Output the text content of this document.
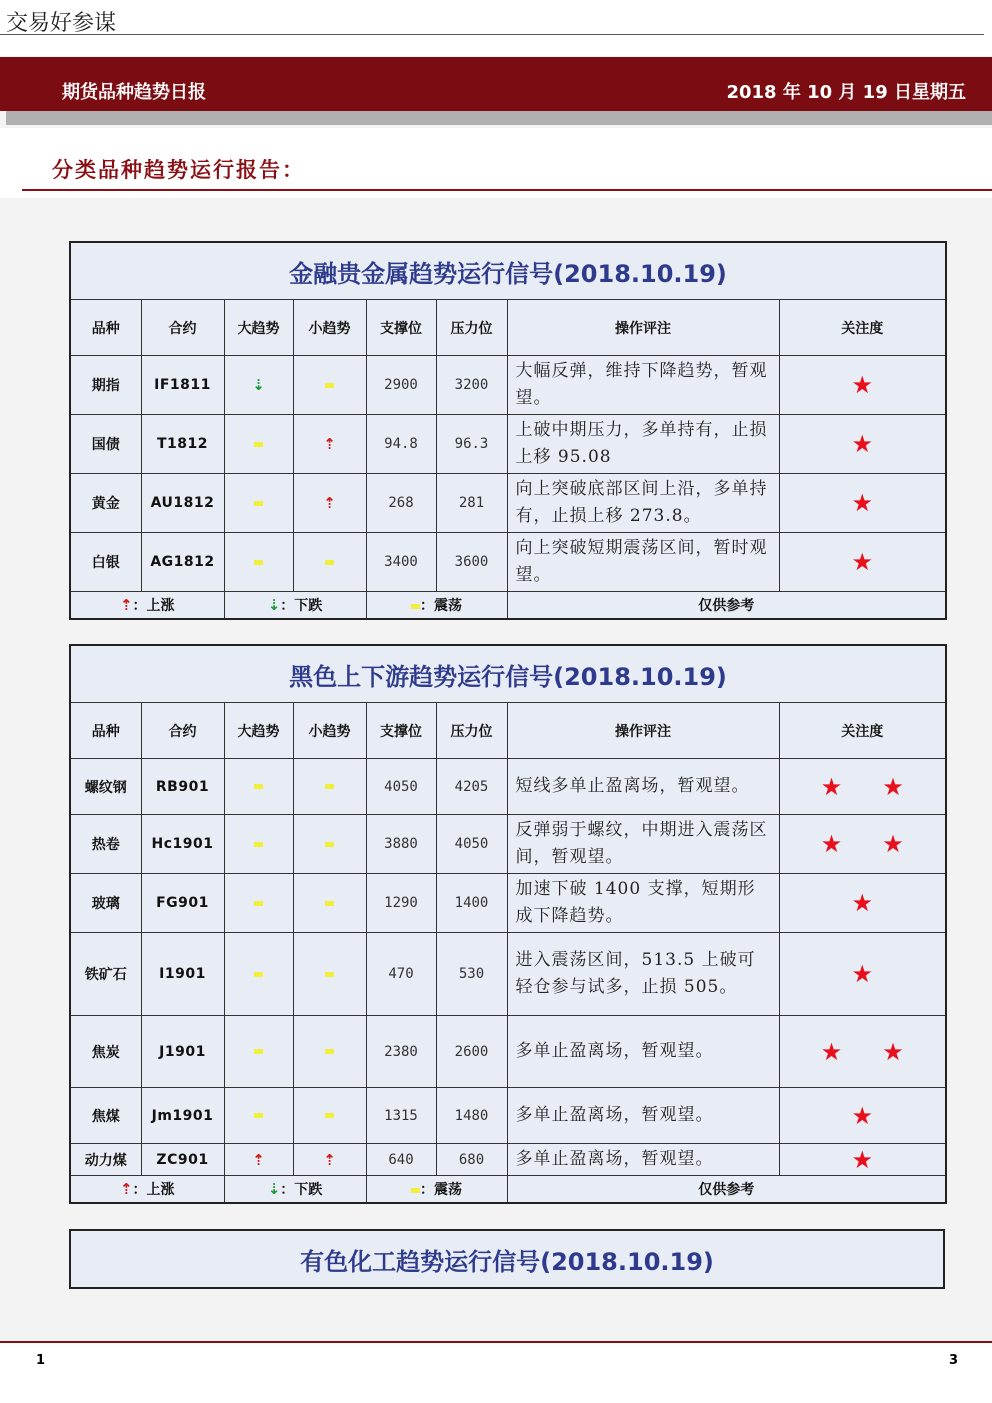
交易好参谋
期货品种趋势日报	2018 年 10 月 19 日星期五
分类品种趋势运行报告：
金融贵金属趋势运行信号(2018.10.19)							
品种	合约	大趋势	小趋势	支撑位	压力位	操作评注	关注度
期指	IF1811	⇣		2900	3200	大幅反弹，维持下降趋势，暂观望。	★
国债	T1812		⇡	94.8	96.3	上破中期压力，多单持有，止损上移 95.08	★
黄金	AU1812		⇡	268	281	向上突破底部区间上沿，多单持有，止损上移 273.8。	★
白银	AG1812			3400	3600	向上突破短期震荡区间，暂时观望。	★
⇡：上涨		⇣：下跌		：震荡		仅供参考	
黑色上下游趋势运行信号(2018.10.19)							
品种	合约	大趋势	小趋势	支撑位	压力位	操作评注	关注度
螺纹钢	RB901			4050	4205	短线多单止盈离场，暂观望。	★ ★
热卷	Hc1901			3880	4050	反弹弱于螺纹，中期进入震荡区间，暂观望。	★ ★
玻璃	FG901			1290	1400	加速下破 1400 支撑，短期形成下降趋势。	★
铁矿石	I1901			470	530	进入震荡区间，513.5 上破可轻仓参与试多，止损 505。	★
焦炭	J1901			2380	2600	多单止盈离场，暂观望。	★ ★
焦煤	Jm1901			1315	1480	多单止盈离场，暂观望。	★
动力煤	ZC901	⇡	⇡	640	680	多单止盈离场，暂观望。	★
⇡：上涨		⇣：下跌		：震荡		仅供参考	
有色化工趋势运行信号(2018.10.19)
1	3
